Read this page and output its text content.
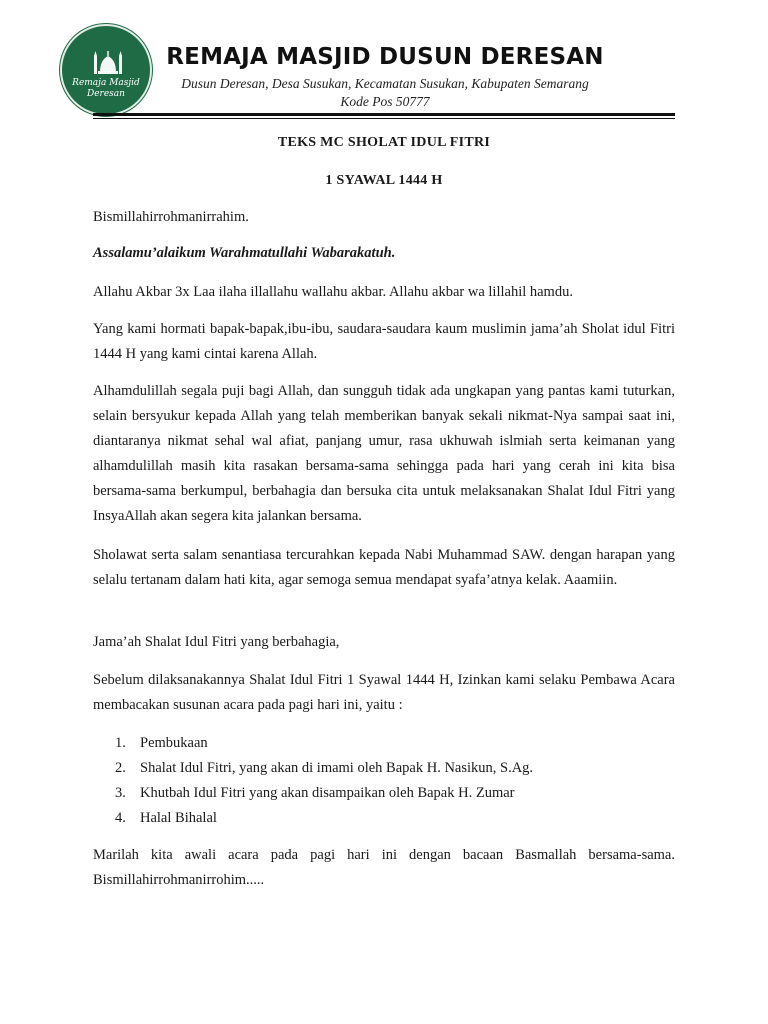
Remaja Masjid
Deresan
REMAJA MASJID DUSUN DERESAN
Dusun Deresan, Desa Susukan, Kecamatan Susukan, Kabupaten Semarang
Kode Pos 50777
TEKS MC SHOLAT IDUL FITRI
1 SYAWAL 1444 H

Bismillahirrohmanirrahim.

Assalamu’alaikum Warahmatullahi Wabarakatuh.

Allahu Akbar 3x Laa ilaha illallahu wallahu akbar. Allahu akbar wa lillahil hamdu.

Yang kami hormati bapak-bapak,ibu-ibu, saudara-saudara kaum muslimin jama’ah Sholat idul Fitri 1444 H yang kami cintai karena Allah.

Alhamdulillah segala puji bagi Allah, dan sungguh tidak ada ungkapan yang pantas kami tuturkan, selain bersyukur kepada Allah yang telah memberikan banyak sekali nikmat-Nya sampai saat ini, diantaranya nikmat sehal wal afiat, panjang umur, rasa ukhuwah islmiah serta keimanan yang alhamdulillah masih kita rasakan bersama-sama sehingga pada hari yang cerah ini kita bisa bersama-sama berkumpul, berbahagia dan bersuka cita untuk melaksanakan Shalat Idul Fitri yang InsyaAllah akan segera kita jalankan bersama.

Sholawat serta salam senantiasa tercurahkan kepada Nabi Muhammad SAW. dengan harapan yang selalu tertanam dalam hati kita, agar semoga semua mendapat syafa’atnya kelak. Aaamiin.

Jama’ah Shalat Idul Fitri yang berbahagia,

Sebelum dilaksanakannya Shalat Idul Fitri 1 Syawal 1444 H, Izinkan kami selaku Pembawa Acara membacakan susunan acara pada pagi hari ini, yaitu :

1. Pembukaan
2. Shalat Idul Fitri, yang akan di imami oleh Bapak H. Nasikun, S.Ag.
3. Khutbah Idul Fitri yang akan disampaikan oleh Bapak H. Zumar
4. Halal Bihalal

Marilah kita awali acara pada pagi hari ini dengan bacaan Basmallah bersama-sama. Bismillahirrohmanirrohim.....
